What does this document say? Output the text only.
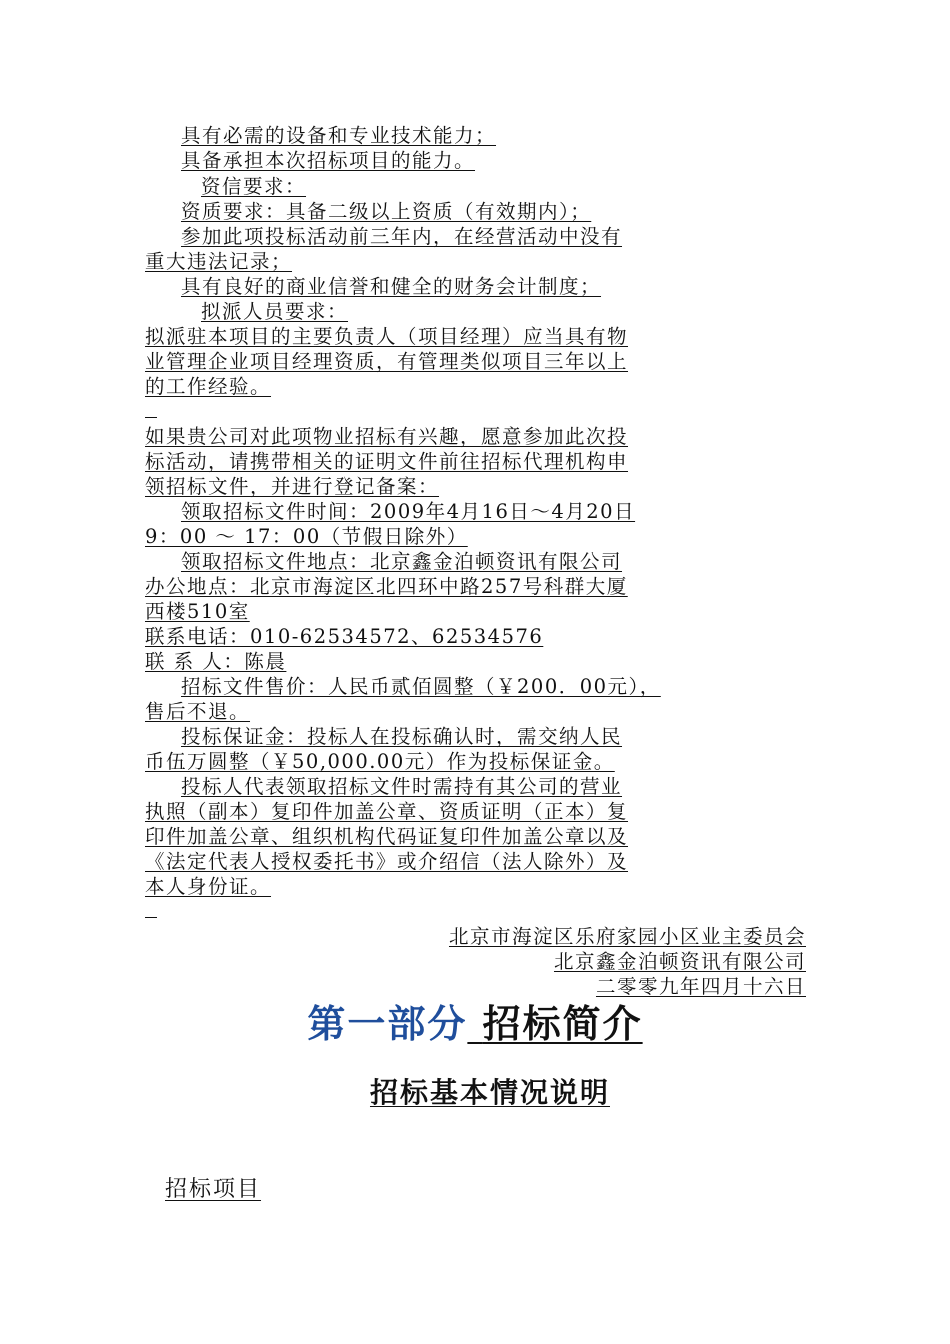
具有必需的设备和专业技术能力；
具备承担本次招标项目的能力。
资信要求：
资质要求：具备二级以上资质（有效期内）；
参加此项投标活动前三年内，在经营活动中没有
重大违法记录；
具有良好的商业信誉和健全的财务会计制度；
拟派人员要求：
拟派驻本项目的主要负责人（项目经理）应当具有物
业管理企业项目经理资质，有管理类似项目三年以上
的工作经验。
如果贵公司对此项物业招标有兴趣，愿意参加此次投
标活动，请携带相关的证明文件前往招标代理机构申
领招标文件，并进行登记备案：
领取招标文件时间：2009年4月16日～4月20日
9：00 ～ 17：00（节假日除外）
领取招标文件地点：北京鑫金泊顿资讯有限公司
办公地点：北京市海淀区北四环中路257号科群大厦
西楼510室
联系电话：010-62534572、62534576
联 系 人：陈晨
招标文件售价：人民币贰佰圆整（￥200．00元），
售后不退。
投标保证金：投标人在投标确认时，需交纳人民
币伍万圆整（￥50,000.00元）作为投标保证金。
投标人代表领取招标文件时需持有其公司的营业
执照（副本）复印件加盖公章、资质证明（正本）复
印件加盖公章、组织机构代码证复印件加盖公章以及
《法定代表人授权委托书》或介绍信（法人除外）及
本人身份证。
北京市海淀区乐府家园小区业主委员会
北京鑫金泊顿资讯有限公司
二零零九年四月十六日
第一部分 招标简介
招标基本情况说明
招标项目
